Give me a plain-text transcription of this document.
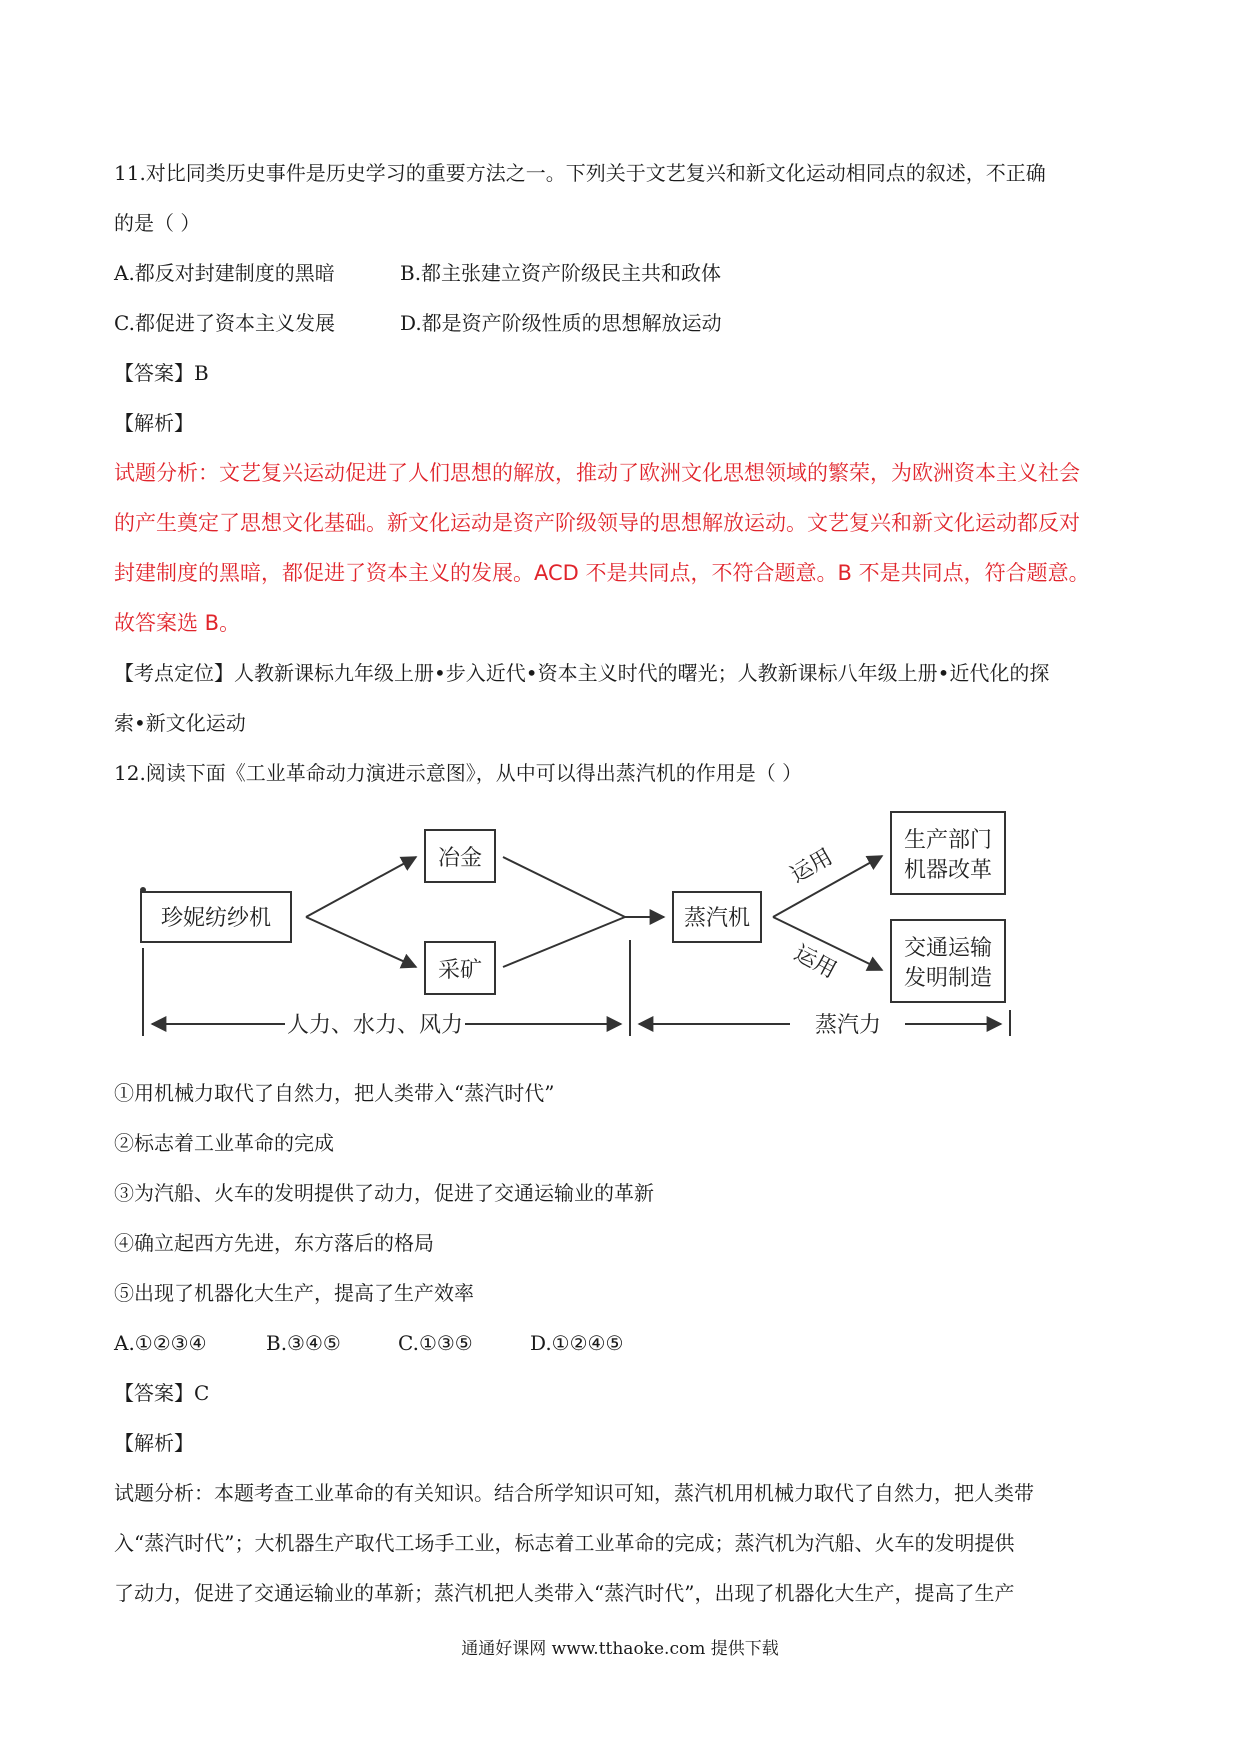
11.对比同类历史事件是历史学习的重要方法之一。下列关于文艺复兴和新文化运动相同点的叙述，不正确
的是（ ）
A.都反对封建制度的黑暗	B.都主张建立资产阶级民主共和政体
C.都促进了资本主义发展	D.都是资产阶级性质的思想解放运动
【答案】B
【解析】
试题分析：文艺复兴运动促进了人们思想的解放，推动了欧洲文化思想领域的繁荣，为欧洲资本主义社会
的产生奠定了思想文化基础。新文化运动是资产阶级领导的思想解放运动。文艺复兴和新文化运动都反对
封建制度的黑暗，都促进了资本主义的发展。ACD 不是共同点，不符合题意。B 不是共同点，符合题意。
故答案选 B。
【考点定位】人教新课标九年级上册•步入近代•资本主义时代的曙光；人教新课标八年级上册•近代化的探
索•新文化运动
12.阅读下面《工业革命动力演进示意图》，从中可以得出蒸汽机的作用是（ ）
珍妮纺纱机
冶金
采矿
蒸汽机
生产部门
机器改革
交通运输
发明制造
运用
运用
人力、水力、风力	蒸汽力
①用机械力取代了自然力，把人类带入“蒸汽时代”
②标志着工业革命的完成
③为汽船、火车的发明提供了动力，促进了交通运输业的革新
④确立起西方先进，东方落后的格局
⑤出现了机器化大生产，提高了生产效率
A.①②③④	B.③④⑤	C.①③⑤	D.①②④⑤
【答案】C
【解析】
试题分析：本题考查工业革命的有关知识。结合所学知识可知，蒸汽机用机械力取代了自然力，把人类带
入“蒸汽时代”；大机器生产取代工场手工业，标志着工业革命的完成；蒸汽机为汽船、火车的发明提供
了动力，促进了交通运输业的革新；蒸汽机把人类带入“蒸汽时代”，出现了机器化大生产，提高了生产
通通好课网 www.tthaoke.com 提供下载
